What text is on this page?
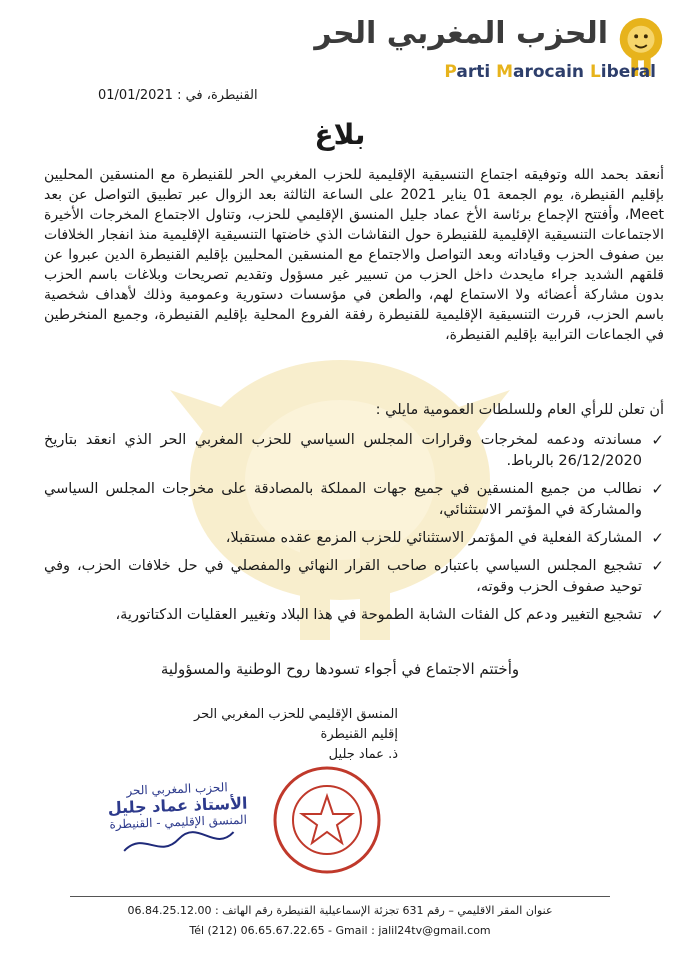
الحزب المغربي الحر
Parti Marocain Liberal
القنيطرة، في : 01/01/2021
بلاغ
أنعقد بحمد الله وتوفيقه اجتماع التنسيقية الإقليمية للحزب المغربي الحر للقنيطرة مع المنسقين المحليين بإقليم القنيطرة، يوم الجمعة 01 يناير 2021 على الساعة الثالثة بعد الزوال عبر تطبيق التواصل عن بعد Meet، وأفتتح الإجماع برئاسة الأخ عماد جليل المنسق الإقليمي للحزب، وتناول الاجتماع المخرجات الأخيرة الاجتماعات التنسيقية الإقليمية للقنيطرة حول النقاشات الذي خاضتها التنسيقية الإقليمية منذ انفجار الخلافات بين صفوف الحزب وقياداته وبعد التواصل والاجتماع مع المنسقين المحليين بإقليم القنيطرة الدين عبروا عن قلقهم الشديد جراء مايحدث داخل الحزب من تسيير غير مسؤول وتقديم تصريحات وبلاغات باسم الحزب بدون مشاركة أعضائه ولا الاستماع لهم، والطعن في مؤسسات دستورية وعمومية وذلك لأهداف شخصية باسم الحزب، قررت التنسيقية الإقليمية للقنيطرة رفقة الفروع المحلية بإقليم القنيطرة، وجميع المنخرطين في الجماعات الترابية بإقليم القنيطرة،
أن تعلن للرأي العام وللسلطات العمومية مايلي :
✓
مساندته ودعمه لمخرجات وقرارات المجلس السياسي للحزب المغربي الحر الذي انعقد بتاريخ 26/12/2020 بالرباط.
✓
نطالب من جميع المنسقين في جميع جهات المملكة بالمصادقة على مخرجات المجلس السياسي والمشاركة في المؤتمر الاستثنائي،
✓
المشاركة الفعلية في المؤتمر الاستثنائي للحزب المزمع عقده مستقبلا،
✓
تشجيع المجلس السياسي باعتباره صاحب القرار النهائي والمفصلي في حل خلافات الحزب، وفي توحيد صفوف الحزب وقوته،
✓
تشجيع التغيير ودعم كل الفئات الشابة الطموحة في هذا البلاد وتغيير العقليات الدكتاتورية،
وأختتم الاجتماع في أجواء تسودها روح الوطنية والمسؤولية
المنسق الإقليمي للحزب المغربي الحر
إقليم القنيطرة
ذ. عماد جليل
الحزب المغربي الحر
الأستاذ عماد جليل
المنسق الإقليمي - القنيطرة
عنوان المقر الاقليمي – رقم 631 تجزئة الإسماعيلية القنيطرة رقم الهاتف : 06.84.25.12.00
Tél (212) 06.65.67.22.65 - Gmail : jalil24tv@gmail.com
